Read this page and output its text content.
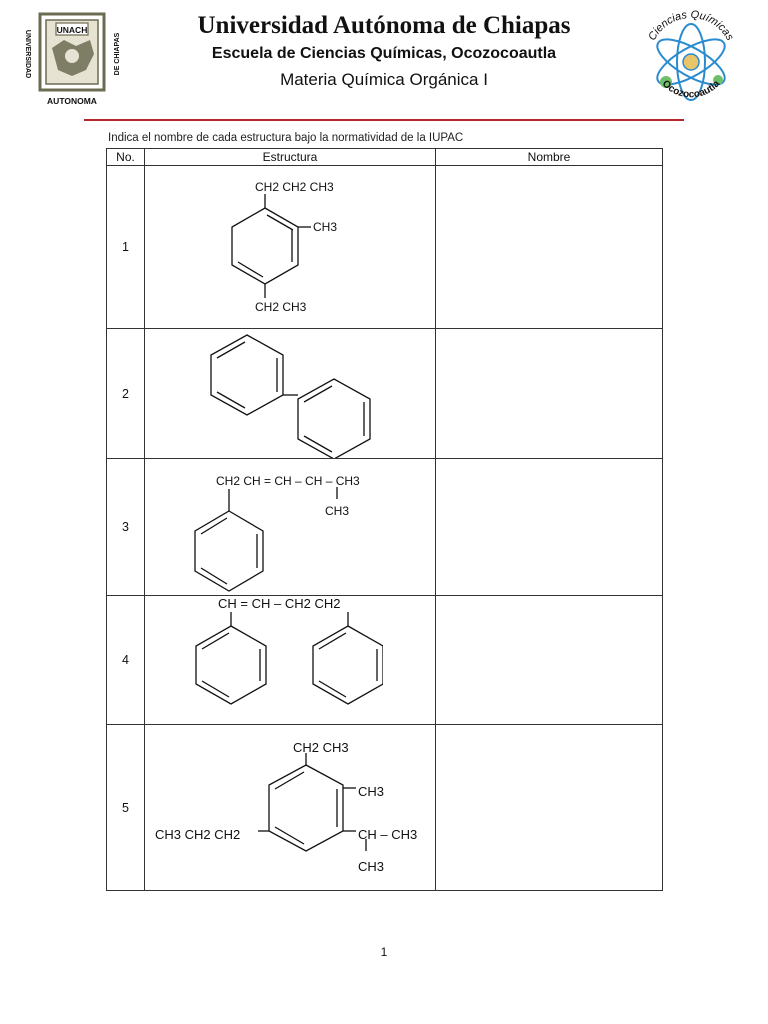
UNACH
UNIVERSIDAD	DE CHIAPAS
AUTONOMA
Ciencias Químicas
Ocozocoautla
Universidad Autónoma de Chiapas
Escuela de Ciencias Químicas, Ocozocoautla
Materia Química Orgánica I
Indica el nombre de cada estructura bajo la normatividad de la IUPAC
No.	Estructura	Nombre
1	CH2 CH2 CH3
CH3
CH2 CH3	

2	

3	CH2 CH = CH – CH – CH3
CH3	

4	CH = CH – CH2 CH2	

5	CH2 CH3
CH3
CH3 CH2 CH2 CH – CH3
CH3	

1
